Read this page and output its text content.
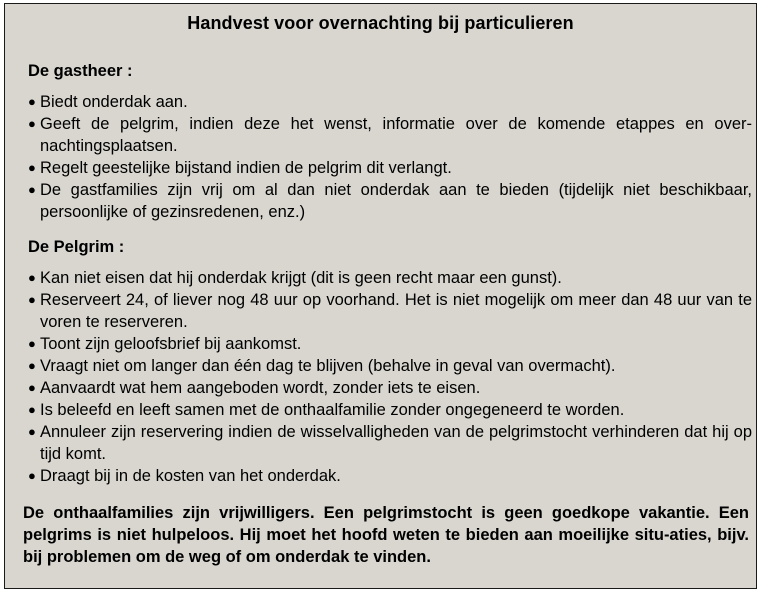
Handvest voor overnachting bij particulieren
De gastheer :
● Biedt onderdak aan.
● Geeft de pelgrim, indien deze het wenst, informatie over de komende etappes en over-nachtingsplaatsen.
● Regelt geestelijke bijstand indien de pelgrim dit verlangt.
● De gastfamilies zijn vrij om al dan niet onderdak aan te bieden (tijdelijk niet beschikbaar, persoonlijke of gezinsredenen, enz.)
De Pelgrim :
● Kan niet eisen dat hij onderdak krijgt (dit is geen recht maar een gunst).
● Reserveert 24, of liever nog 48 uur op voorhand. Het is niet mogelijk om meer dan 48 uur van te voren te reserveren.
● Toont zijn geloofsbrief bij aankomst.
● Vraagt niet om langer dan één dag te blijven (behalve in geval van overmacht).
● Aanvaardt wat hem aangeboden wordt, zonder iets te eisen.
● Is beleefd en leeft samen met de onthaalfamilie zonder ongegeneerd te worden.
● Annuleer zijn reservering indien de wisselvalligheden van de pelgrimstocht verhinderen dat hij op tijd komt.
● Draagt bij in de kosten van het onderdak.
De onthaalfamilies zijn vrijwilligers. Een pelgrimstocht is geen goedkope vakantie. Een pelgrims is niet hulpeloos. Hij moet het hoofd weten te bieden aan moeilijke situ-aties, bijv. bij problemen om de weg of om onderdak te vinden.
